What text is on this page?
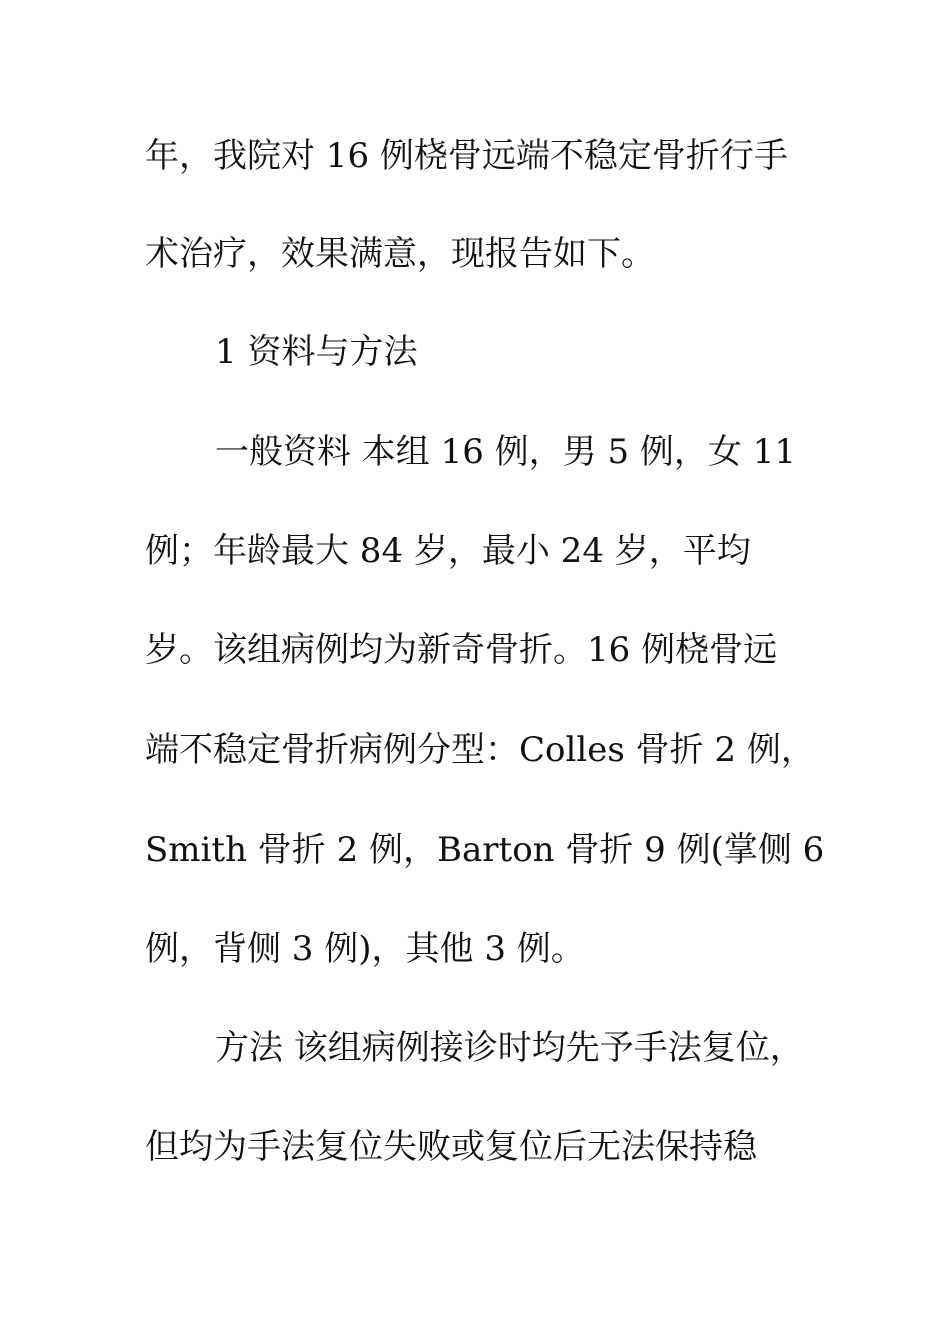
年，我院对 16 例桡骨远端不稳定骨折行手
术治疗，效果满意，现报告如下。
1 资料与方法
一般资料 本组 16 例，男 5 例，女 11
例；年龄最大 84 岁，最小 24 岁，平均
岁。该组病例均为新奇骨折。16 例桡骨远
端不稳定骨折病例分型：Colles 骨折 2 例，
Smith 骨折 2 例，Barton 骨折 9 例(掌侧 6
例，背侧 3 例)，其他 3 例。
方法 该组病例接诊时均先予手法复位，
但均为手法复位失败或复位后无法保持稳
